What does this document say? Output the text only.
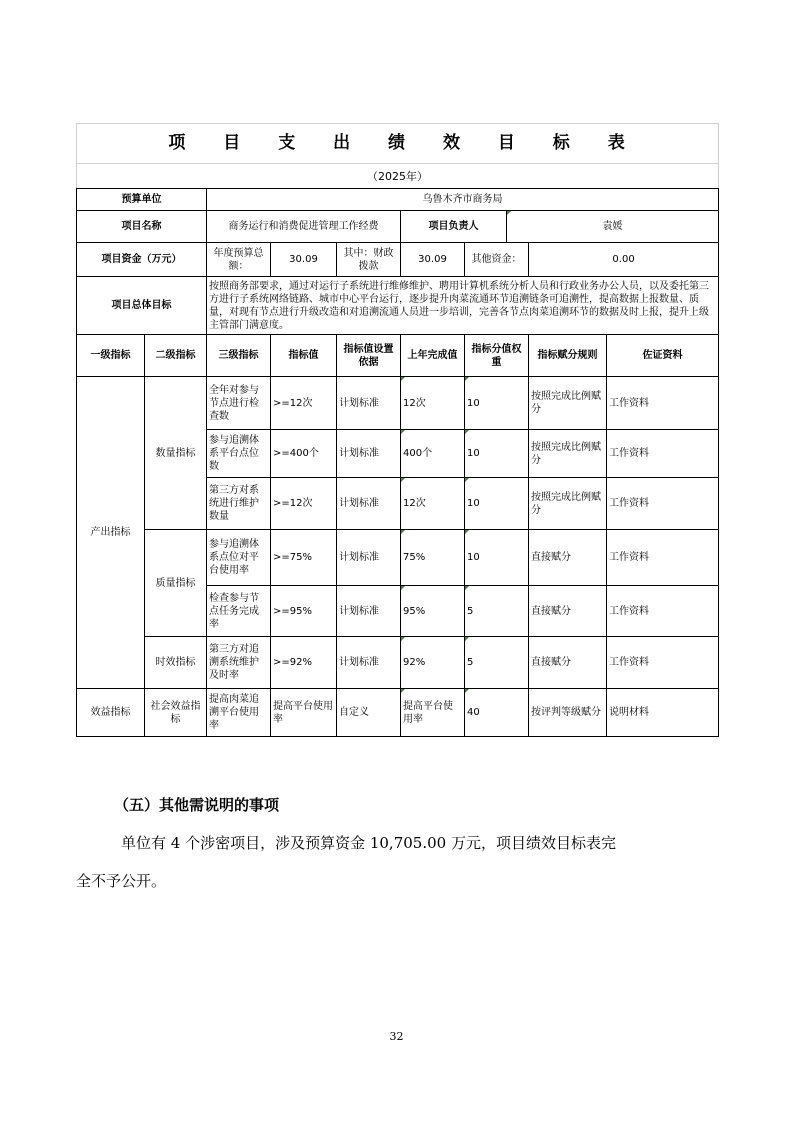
项 目 支 出 绩 效 目 标 表									
（2025年）									
预算单位		乌鲁木齐市商务局							
项目名称		商务运行和消费促进管理工作经费			项目负责人		袁媛		
项目资金（万元）		年度预算总额：	30.09	其中：财政拨款	30.09	其他资金：		0.00	
项目总体目标		按照商务部要求，通过对运行子系统进行维修维护、聘用计算机系统分析人员和行政业务办公人员，以及委托第三方进行子系统网络链路、城市中心平台运行，逐步提升肉菜流通环节追溯链条可追溯性，提高数据上报数量、质量，对现有节点进行升级改造和对追溯流通人员进一步培训，完善各节点肉菜追溯环节的数据及时上报，提升上级主管部门满意度。							
一级指标	二级指标	三级指标	指标值	指标值设置依据	上年完成值	指标分值权重		指标赋分规则	佐证资料
产出指标	数量指标	全年对参与节点进行检查数	>=12次	计划标准	12次	10		按照完成比例赋分	工作资料
		参与追溯体系平台点位数	>=400个	计划标准	400个	10		按照完成比例赋分	工作资料
		第三方对系统进行维护数量	>=12次	计划标准	12次	10		按照完成比例赋分	工作资料
	质量指标	参与追溯体系点位对平台使用率	>=75%	计划标准	75%	10		直接赋分	工作资料
		检查参与节点任务完成率	>=95%	计划标准	95%	5		直接赋分	工作资料
	时效指标	第三方对追溯系统维护及时率	>=92%	计划标准	92%	5		直接赋分	工作资料
效益指标	社会效益指标	提高肉菜追溯平台使用率	提高平台使用率	自定义	提高平台使用率	40		按评判等级赋分	说明材料
（五）其他需说明的事项
单位有 4 个涉密项目，涉及预算资金 10,705.00 万元，项目绩效目标表完
全不予公开。
32
